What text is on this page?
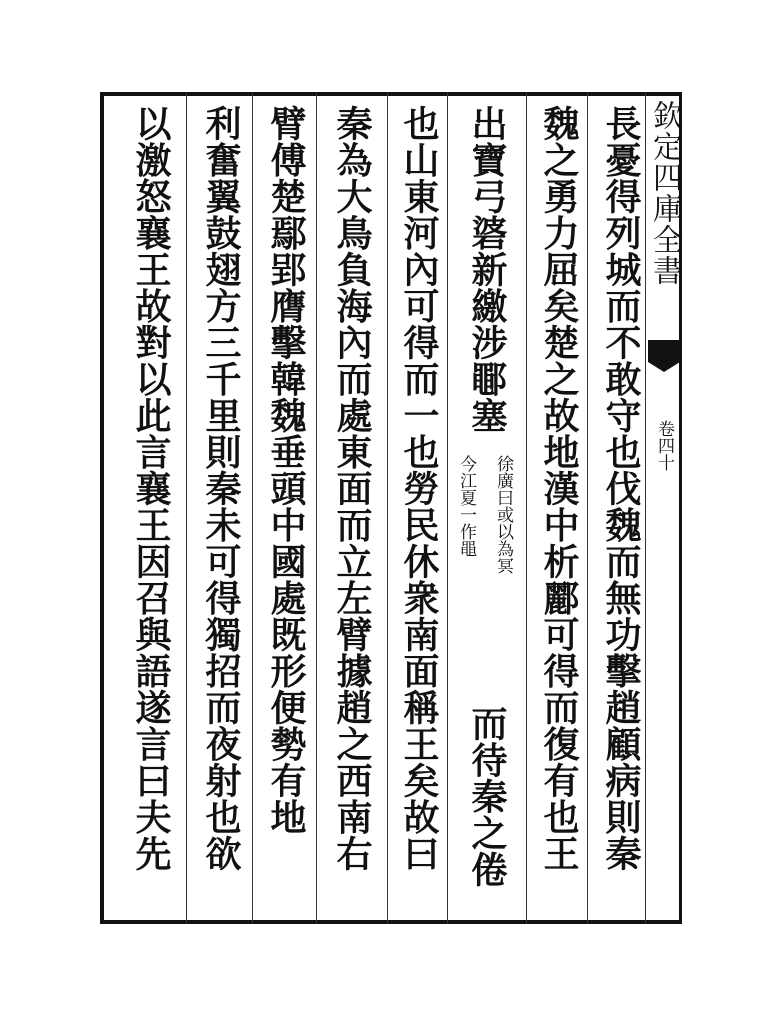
欽定四庫全書
卷四十
長憂得列城而不敢守也伐魏而無功擊趙顧病則秦
魏之勇力屈矣楚之故地漢中析酈可得而復有也王
出寶弓碆新繳涉鄳塞
徐廣曰或以為冥
今江夏一作黽
而待秦之倦
也山東河內可得而一也勞民休衆南面稱王矣故曰
秦為大鳥負海內而處東面而立左臂據趙之西南右
臂傅楚鄢郢膺擊韓魏垂頭中國處既形便勢有地
利奮翼鼓翅方三千里則秦未可得獨招而夜射也欲
以激怒襄王故對以此言襄王因召與語遂言曰夫先
